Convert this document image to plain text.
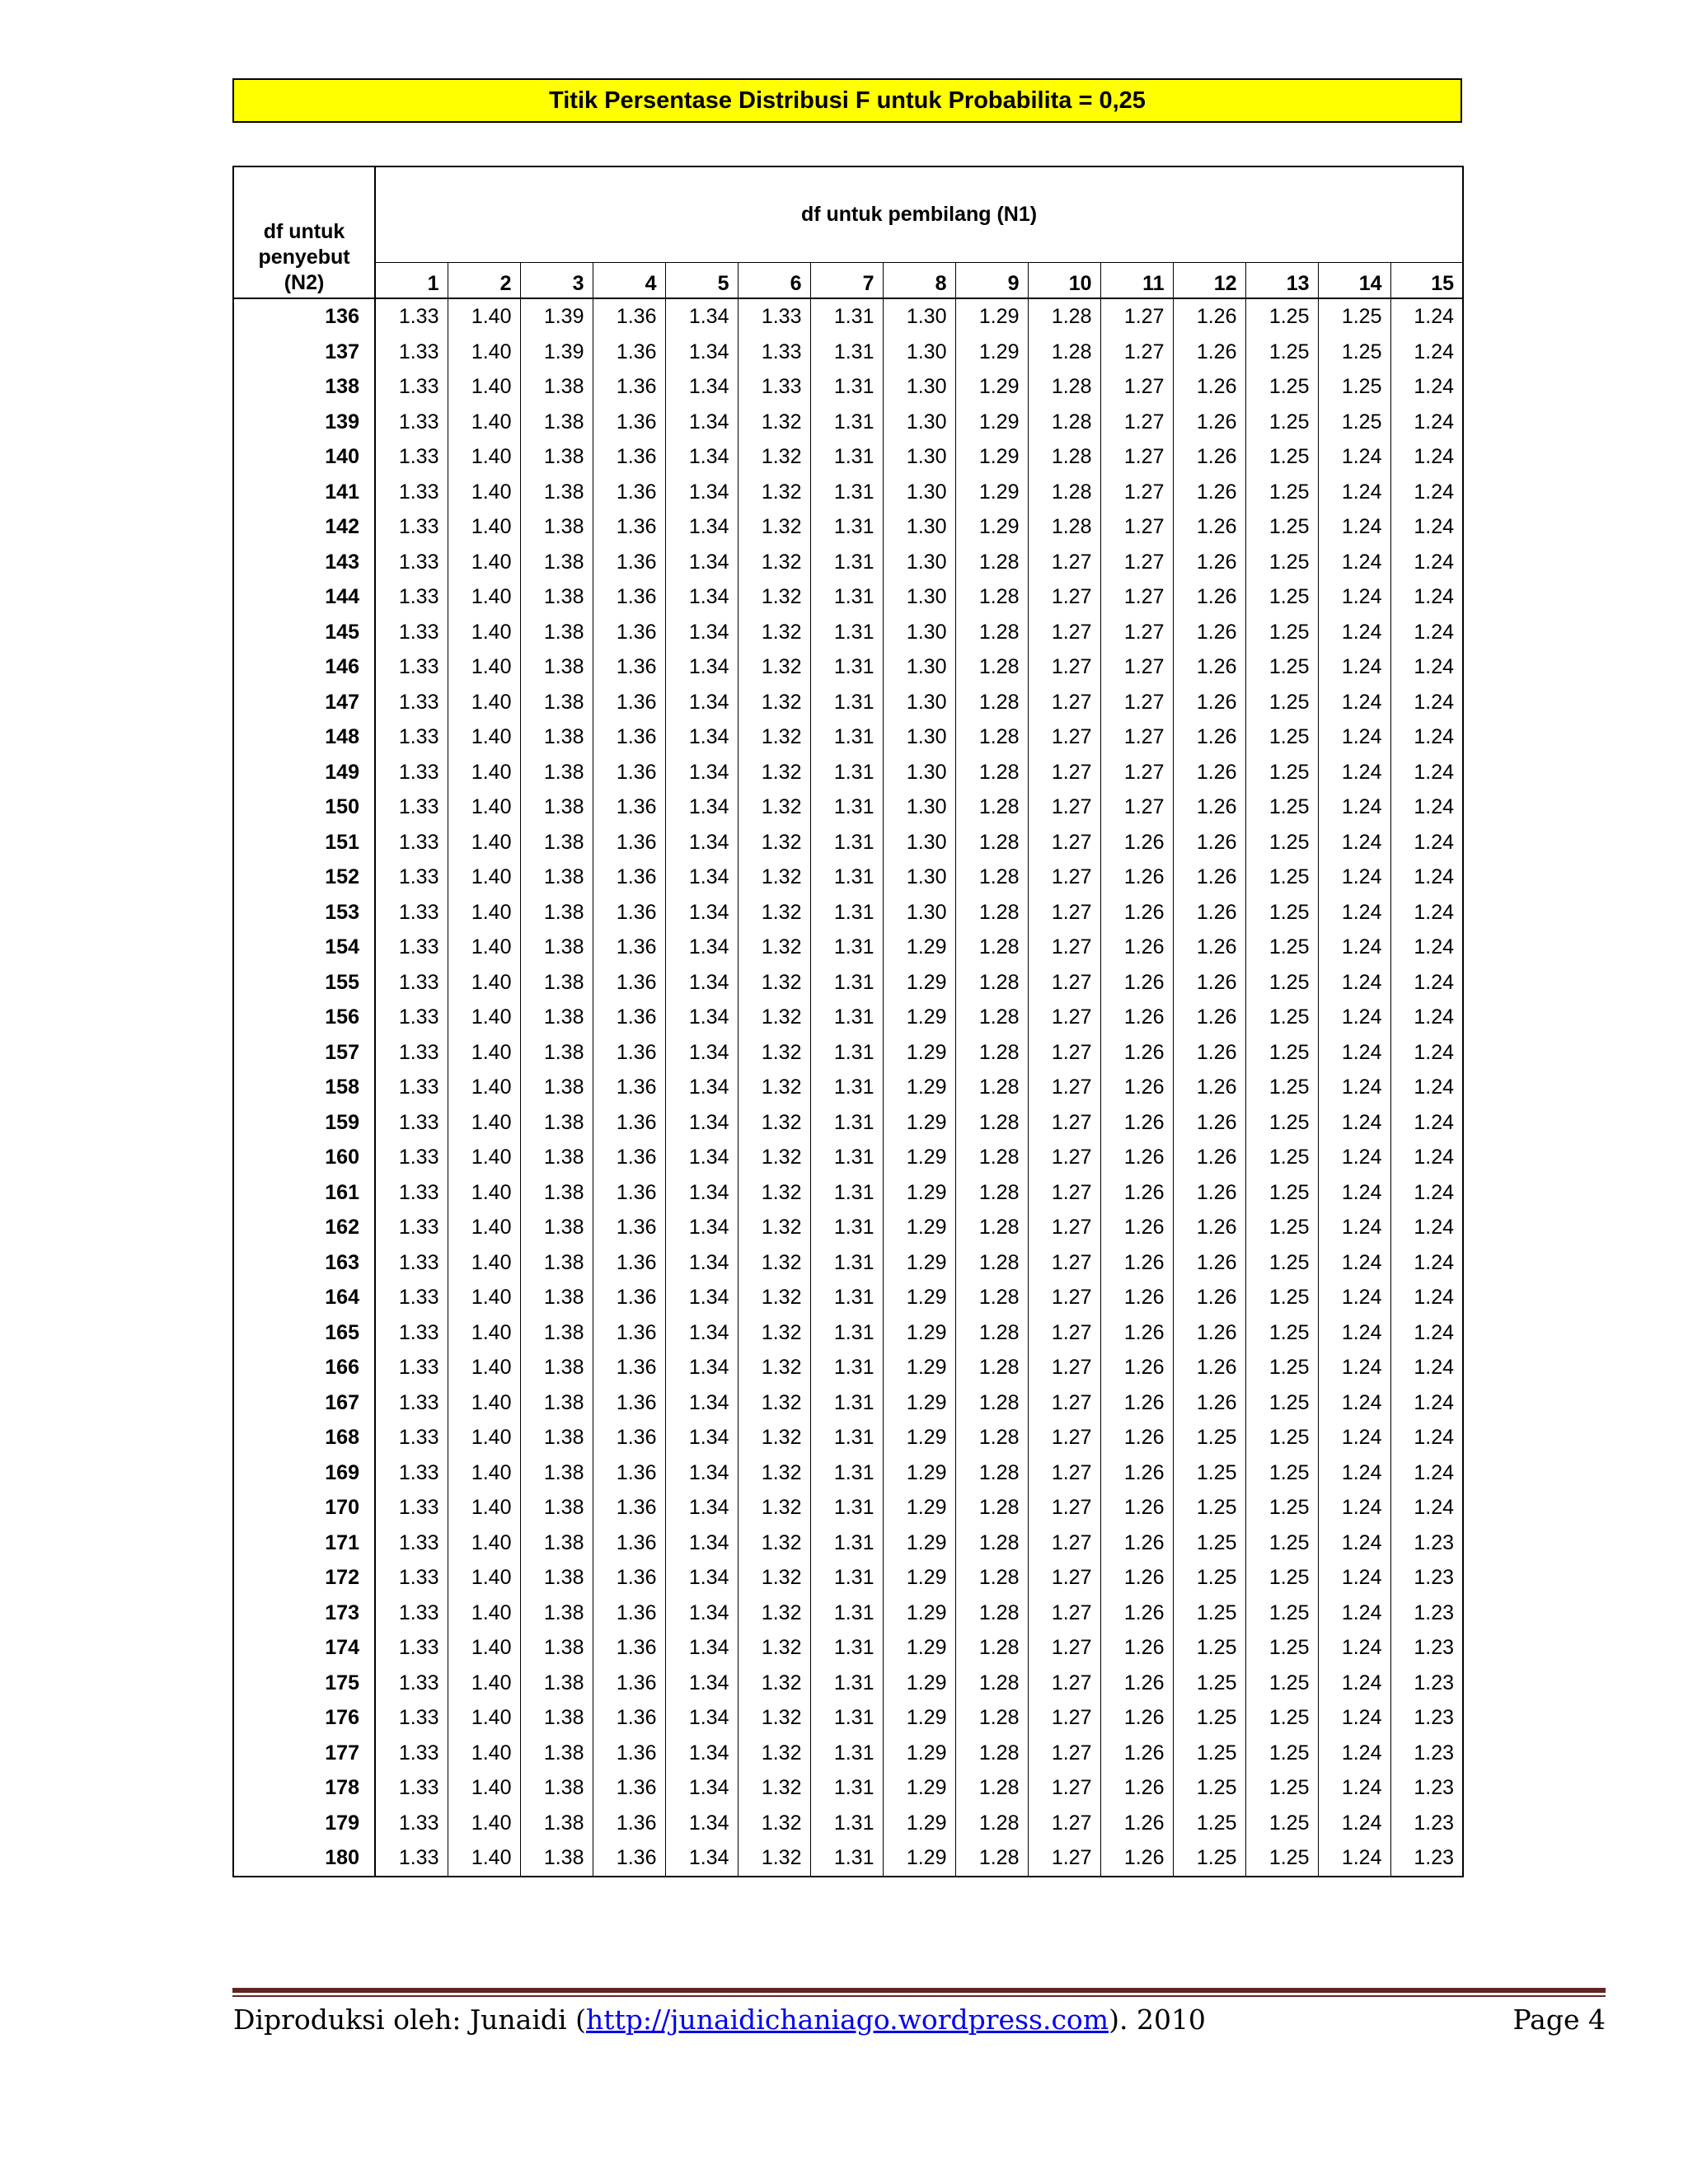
Titik Persentase Distribusi F untuk Probabilita = 0,25
df untuk penyebut (N2)	df untuk pembilang (N1)														
	1	2	3	4	5	6	7	8	9	10	11	12	13	14	15
136	1.33	1.40	1.39	1.36	1.34	1.33	1.31	1.30	1.29	1.28	1.27	1.26	1.25	1.25	1.24
137	1.33	1.40	1.39	1.36	1.34	1.33	1.31	1.30	1.29	1.28	1.27	1.26	1.25	1.25	1.24
138	1.33	1.40	1.38	1.36	1.34	1.33	1.31	1.30	1.29	1.28	1.27	1.26	1.25	1.25	1.24
139	1.33	1.40	1.38	1.36	1.34	1.32	1.31	1.30	1.29	1.28	1.27	1.26	1.25	1.25	1.24
140	1.33	1.40	1.38	1.36	1.34	1.32	1.31	1.30	1.29	1.28	1.27	1.26	1.25	1.24	1.24
141	1.33	1.40	1.38	1.36	1.34	1.32	1.31	1.30	1.29	1.28	1.27	1.26	1.25	1.24	1.24
142	1.33	1.40	1.38	1.36	1.34	1.32	1.31	1.30	1.29	1.28	1.27	1.26	1.25	1.24	1.24
143	1.33	1.40	1.38	1.36	1.34	1.32	1.31	1.30	1.28	1.27	1.27	1.26	1.25	1.24	1.24
144	1.33	1.40	1.38	1.36	1.34	1.32	1.31	1.30	1.28	1.27	1.27	1.26	1.25	1.24	1.24
145	1.33	1.40	1.38	1.36	1.34	1.32	1.31	1.30	1.28	1.27	1.27	1.26	1.25	1.24	1.24
146	1.33	1.40	1.38	1.36	1.34	1.32	1.31	1.30	1.28	1.27	1.27	1.26	1.25	1.24	1.24
147	1.33	1.40	1.38	1.36	1.34	1.32	1.31	1.30	1.28	1.27	1.27	1.26	1.25	1.24	1.24
148	1.33	1.40	1.38	1.36	1.34	1.32	1.31	1.30	1.28	1.27	1.27	1.26	1.25	1.24	1.24
149	1.33	1.40	1.38	1.36	1.34	1.32	1.31	1.30	1.28	1.27	1.27	1.26	1.25	1.24	1.24
150	1.33	1.40	1.38	1.36	1.34	1.32	1.31	1.30	1.28	1.27	1.27	1.26	1.25	1.24	1.24
151	1.33	1.40	1.38	1.36	1.34	1.32	1.31	1.30	1.28	1.27	1.26	1.26	1.25	1.24	1.24
152	1.33	1.40	1.38	1.36	1.34	1.32	1.31	1.30	1.28	1.27	1.26	1.26	1.25	1.24	1.24
153	1.33	1.40	1.38	1.36	1.34	1.32	1.31	1.30	1.28	1.27	1.26	1.26	1.25	1.24	1.24
154	1.33	1.40	1.38	1.36	1.34	1.32	1.31	1.29	1.28	1.27	1.26	1.26	1.25	1.24	1.24
155	1.33	1.40	1.38	1.36	1.34	1.32	1.31	1.29	1.28	1.27	1.26	1.26	1.25	1.24	1.24
156	1.33	1.40	1.38	1.36	1.34	1.32	1.31	1.29	1.28	1.27	1.26	1.26	1.25	1.24	1.24
157	1.33	1.40	1.38	1.36	1.34	1.32	1.31	1.29	1.28	1.27	1.26	1.26	1.25	1.24	1.24
158	1.33	1.40	1.38	1.36	1.34	1.32	1.31	1.29	1.28	1.27	1.26	1.26	1.25	1.24	1.24
159	1.33	1.40	1.38	1.36	1.34	1.32	1.31	1.29	1.28	1.27	1.26	1.26	1.25	1.24	1.24
160	1.33	1.40	1.38	1.36	1.34	1.32	1.31	1.29	1.28	1.27	1.26	1.26	1.25	1.24	1.24
161	1.33	1.40	1.38	1.36	1.34	1.32	1.31	1.29	1.28	1.27	1.26	1.26	1.25	1.24	1.24
162	1.33	1.40	1.38	1.36	1.34	1.32	1.31	1.29	1.28	1.27	1.26	1.26	1.25	1.24	1.24
163	1.33	1.40	1.38	1.36	1.34	1.32	1.31	1.29	1.28	1.27	1.26	1.26	1.25	1.24	1.24
164	1.33	1.40	1.38	1.36	1.34	1.32	1.31	1.29	1.28	1.27	1.26	1.26	1.25	1.24	1.24
165	1.33	1.40	1.38	1.36	1.34	1.32	1.31	1.29	1.28	1.27	1.26	1.26	1.25	1.24	1.24
166	1.33	1.40	1.38	1.36	1.34	1.32	1.31	1.29	1.28	1.27	1.26	1.26	1.25	1.24	1.24
167	1.33	1.40	1.38	1.36	1.34	1.32	1.31	1.29	1.28	1.27	1.26	1.26	1.25	1.24	1.24
168	1.33	1.40	1.38	1.36	1.34	1.32	1.31	1.29	1.28	1.27	1.26	1.25	1.25	1.24	1.24
169	1.33	1.40	1.38	1.36	1.34	1.32	1.31	1.29	1.28	1.27	1.26	1.25	1.25	1.24	1.24
170	1.33	1.40	1.38	1.36	1.34	1.32	1.31	1.29	1.28	1.27	1.26	1.25	1.25	1.24	1.24
171	1.33	1.40	1.38	1.36	1.34	1.32	1.31	1.29	1.28	1.27	1.26	1.25	1.25	1.24	1.23
172	1.33	1.40	1.38	1.36	1.34	1.32	1.31	1.29	1.28	1.27	1.26	1.25	1.25	1.24	1.23
173	1.33	1.40	1.38	1.36	1.34	1.32	1.31	1.29	1.28	1.27	1.26	1.25	1.25	1.24	1.23
174	1.33	1.40	1.38	1.36	1.34	1.32	1.31	1.29	1.28	1.27	1.26	1.25	1.25	1.24	1.23
175	1.33	1.40	1.38	1.36	1.34	1.32	1.31	1.29	1.28	1.27	1.26	1.25	1.25	1.24	1.23
176	1.33	1.40	1.38	1.36	1.34	1.32	1.31	1.29	1.28	1.27	1.26	1.25	1.25	1.24	1.23
177	1.33	1.40	1.38	1.36	1.34	1.32	1.31	1.29	1.28	1.27	1.26	1.25	1.25	1.24	1.23
178	1.33	1.40	1.38	1.36	1.34	1.32	1.31	1.29	1.28	1.27	1.26	1.25	1.25	1.24	1.23
179	1.33	1.40	1.38	1.36	1.34	1.32	1.31	1.29	1.28	1.27	1.26	1.25	1.25	1.24	1.23
180	1.33	1.40	1.38	1.36	1.34	1.32	1.31	1.29	1.28	1.27	1.26	1.25	1.25	1.24	1.23
Diproduksi oleh: Junaidi (http://junaidichaniago.wordpress.com). 2010	Page 4
